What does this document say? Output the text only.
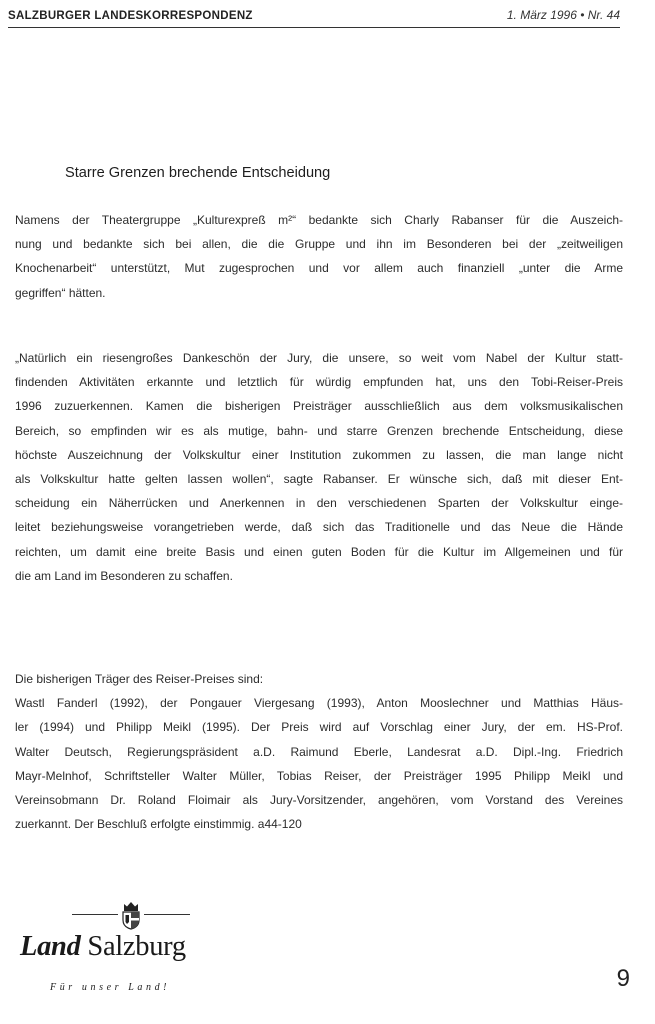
SALZBURGER LANDESKORRESPONDENZ	1. März 1996 • Nr. 44
Starre Grenzen brechende Entscheidung

Namens der Theatergruppe „Kulturexpreß m²“ bedankte sich Charly Rabanser für die Auszeich-

nung und bedankte sich bei allen, die die Gruppe und ihn im Besonderen bei der „zeitweiligen

Knochenarbeit“ unterstützt, Mut zugesprochen und vor allem auch finanziell „unter die Arme

gegriffen“ hätten.

„Natürlich ein riesengroßes Dankeschön der Jury, die unsere, so weit vom Nabel der Kultur statt-

findenden Aktivitäten erkannte und letztlich für würdig empfunden hat, uns den Tobi-Reiser-Preis

1996 zuzuerkennen. Kamen die bisherigen Preisträger ausschließlich aus dem volksmusikalischen

Bereich, so empfinden wir es als mutige, bahn- und starre Grenzen brechende Entscheidung, diese

höchste Auszeichnung der Volkskultur einer Institution zukommen zu lassen, die man lange nicht

als Volkskultur hatte gelten lassen wollen“, sagte Rabanser. Er wünsche sich, daß mit dieser Ent-

scheidung ein Näherrücken und Anerkennen in den verschiedenen Sparten der Volkskultur einge-

leitet beziehungsweise vorangetrieben werde, daß sich das Traditionelle und das Neue die Hände

reichten, um damit eine breite Basis und einen guten Boden für die Kultur im Allgemeinen und für

die am Land im Besonderen zu schaffen.

Die bisherigen Träger des Reiser-Preises sind:

Wastl Fanderl (1992), der Pongauer Viergesang (1993), Anton Mooslechner und Matthias Häus-

ler (1994) und Philipp Meikl (1995). Der Preis wird auf Vorschlag einer Jury, der em. HS-Prof.

Walter Deutsch, Regierungspräsident a.D. Raimund Eberle, Landesrat a.D. Dipl.-Ing. Friedrich

Mayr-Melnhof, Schriftsteller Walter Müller, Tobias Reiser, der Preisträger 1995 Philipp Meikl und

Vereinsobmann Dr. Roland Floimair als Jury-Vorsitzender, angehören, vom Vorstand des Vereines

zuerkannt. Der Beschluß erfolgte einstimmig. a44-120

Land Salzburg
Für unser Land!	9
